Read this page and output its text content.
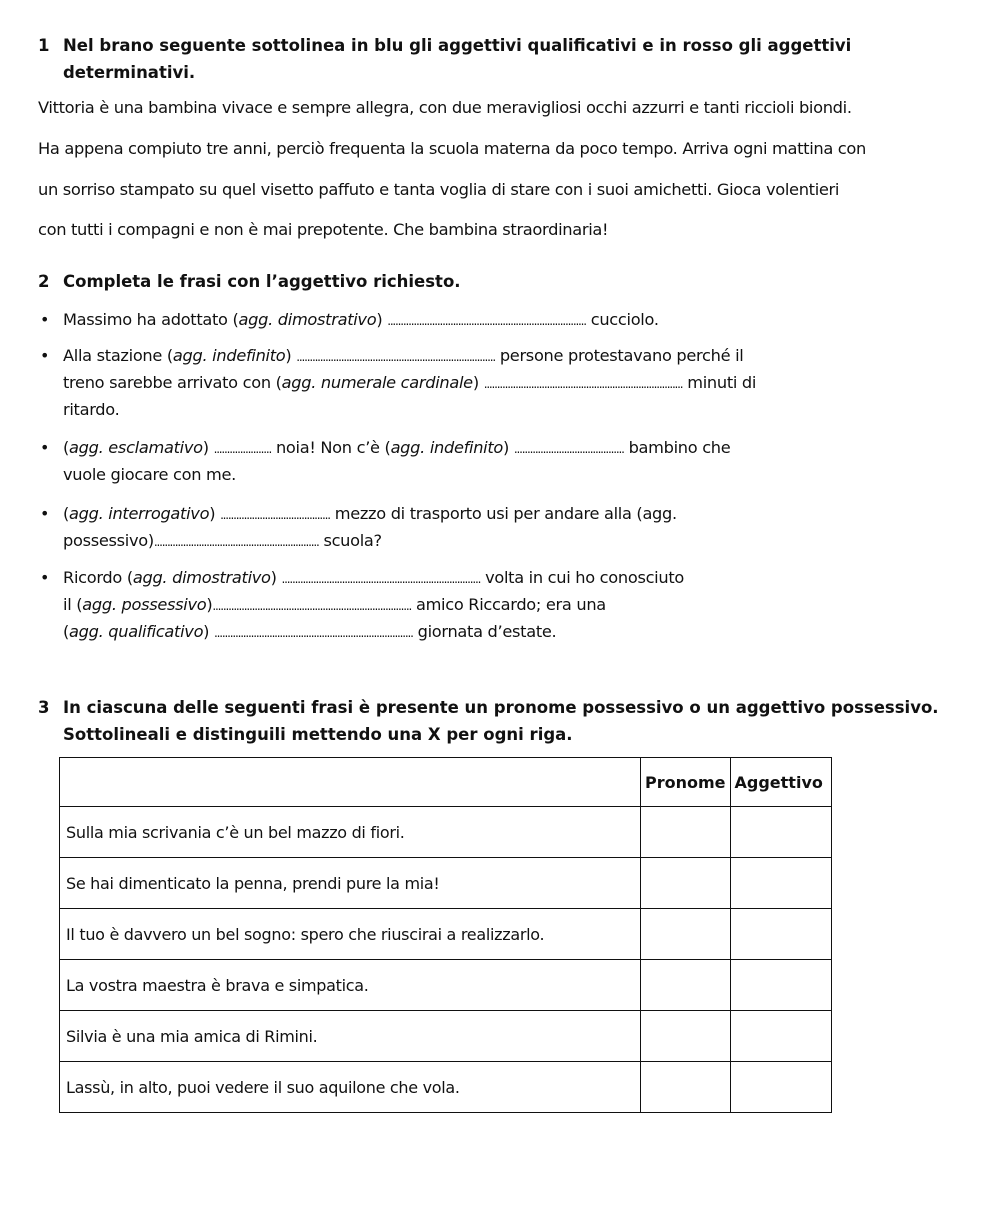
1 Nel brano seguente sottolinea in blu gli aggettivi qualificativi e in rosso gli aggettivi
determinativi.
Vittoria è una bambina vivace e sempre allegra, con due meravigliosi occhi azzurri e tanti riccioli biondi.
Ha appena compiuto tre anni, perciò frequenta la scuola materna da poco tempo. Arriva ogni mattina con
un sorriso stampato su quel visetto paffuto e tanta voglia di stare con i suoi amichetti. Gioca volentieri
con tutti i compagni e non è mai prepotente. Che bambina straordinaria!
2 Completa le frasi con l’aggettivo richiesto.
• Massimo ha adottato (agg. dimostrativo) ............................................................................ cucciolo.
• Alla stazione (agg. indefinito) ............................................................................ persone protestavano perché il
treno sarebbe arrivato con (agg. numerale cardinale) ............................................................................ minuti di
ritardo.
• (agg. esclamativo) ...................... noia! Non c’è (agg. indefinito) .......................................... bambino che
vuole giocare con me.
• (agg. interrogativo) .......................................... mezzo di trasporto usi per andare alla (agg.
possessivo)............................................................... scuola?
• Ricordo (agg. dimostrativo) ............................................................................ volta in cui ho conosciuto
il (agg. possessivo)............................................................................ amico Riccardo; era una
(agg. qualificativo) ............................................................................ giornata d’estate.
3 In ciascuna delle seguenti frasi è presente un pronome possessivo o un aggettivo possessivo.
Sottolineali e distinguili mettendo una X per ogni riga.
	Pronome	Aggettivo
Sulla mia scrivania c’è un bel mazzo di fiori.		
Se hai dimenticato la penna, prendi pure la mia!		
Il tuo è davvero un bel sogno: spero che riuscirai a realizzarlo.		
La vostra maestra è brava e simpatica.		
Silvia è una mia amica di Rimini.		
Lassù, in alto, puoi vedere il suo aquilone che vola.		
